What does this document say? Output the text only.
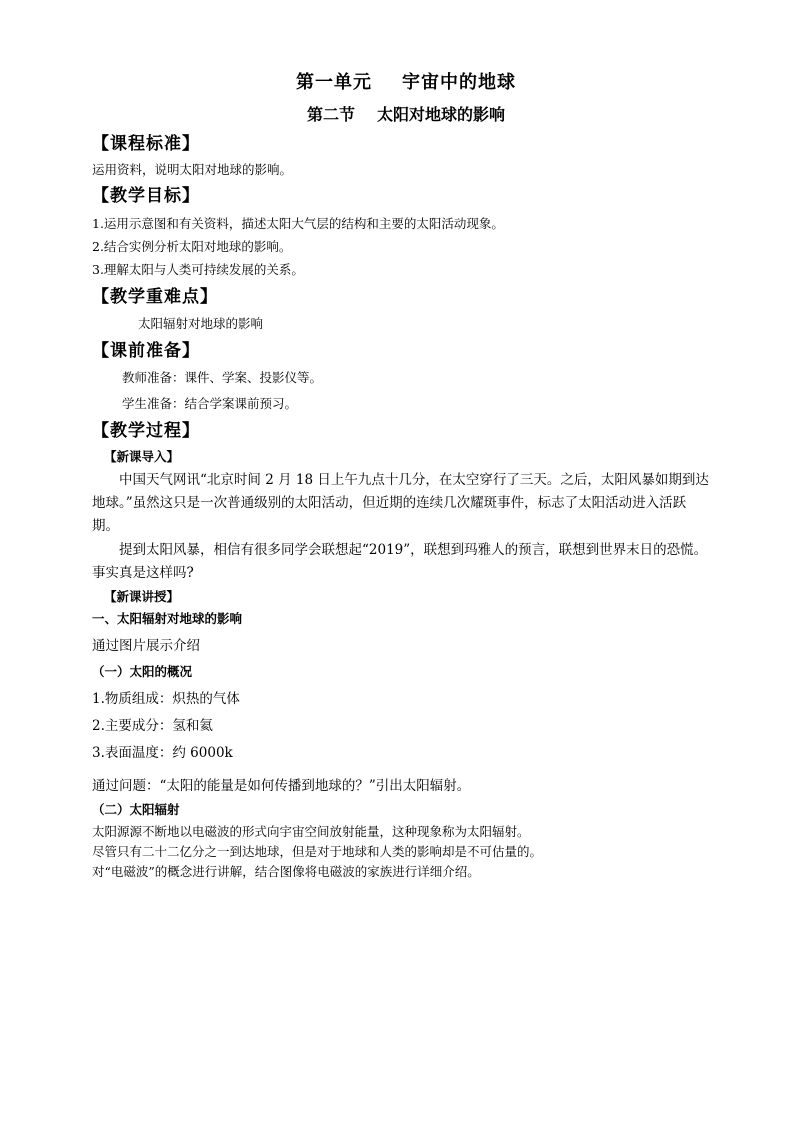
第一单元 宇宙中的地球

第二节 太阳对地球的影响

【课程标准】

运用资料，说明太阳对地球的影响。

【教学目标】

1.运用示意图和有关资料，描述太阳大气层的结构和主要的太阳活动现象。

2.结合实例分析太阳对地球的影响。

3.理解太阳与人类可持续发展的关系。

【教学重难点】

太阳辐射对地球的影响

【课前准备】

教师准备：课件、学案、投影仪等。

学生准备：结合学案课前预习。

【教学过程】

【新课导入】

中国天气网讯“北京时间 2 月 18 日上午九点十几分，在太空穿行了三天。之后，太阳风暴如期到达地球。”虽然这只是一次普通级别的太阳活动，但近期的连续几次耀斑事件，标志了太阳活动进入活跃期。

提到太阳风暴，相信有很多同学会联想起“2019”，联想到玛雅人的预言，联想到世界末日的恐慌。事实真是这样吗?

【新课讲授】

一、太阳辐射对地球的影响

通过图片展示介绍

（一）太阳的概况

1.物质组成：炽热的气体

2.主要成分：氢和氦

3.表面温度：约 6000k

通过问题：“太阳的能量是如何传播到地球的？”引出太阳辐射。

（二）太阳辐射

太阳源源不断地以电磁波的形式向宇宙空间放射能量，这种现象称为太阳辐射。

尽管只有二十二亿分之一到达地球，但是对于地球和人类的影响却是不可估量的。

对“电磁波”的概念进行讲解，结合图像将电磁波的家族进行详细介绍。
